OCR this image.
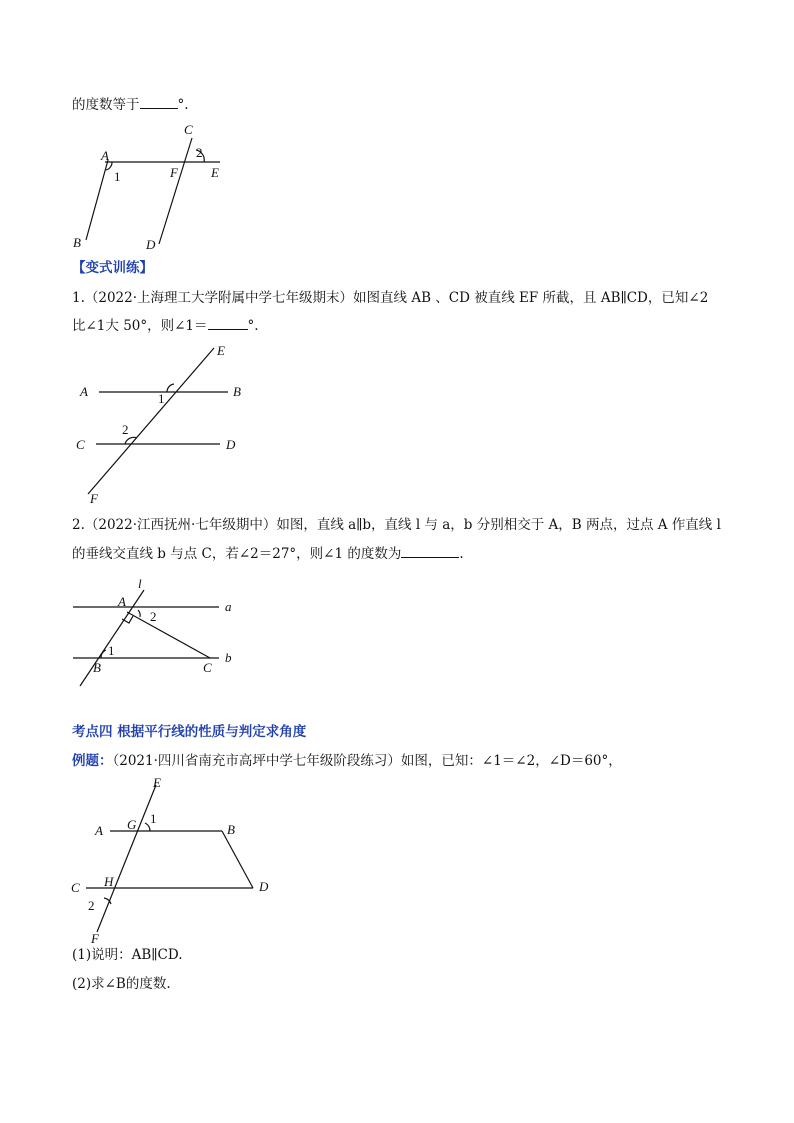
的度数等于	°.
A
C
2
1	F	E
B	D
E
A	1	B
C
2
D
F
l
A
2
a
1
B	C
b
E
A G 1
B
C H	D
2
F
【变式训练】
1.（2022·上海理工大学附属中学七年级期末）如图直线 AB 、CD 被直线 EF 所截，且 AB∥CD，已知∠2
比∠1大 50°，则∠1＝	°.
2.（2022·江西抚州·七年级期中）如图，直线 a∥b，直线 l 与 a，b 分别相交于 A，B 两点，过点 A 作直线 l
的垂线交直线 b 与点 C，若∠2＝27°，则∠1 的度数为	.
考点四 根据平行线的性质与判定求角度
例题：（2021·四川省南充市高坪中学七年级阶段练习）如图，已知：∠1＝∠2，∠D＝60°，
(1)说明：AB∥CD.
(2)求∠B的度数.
